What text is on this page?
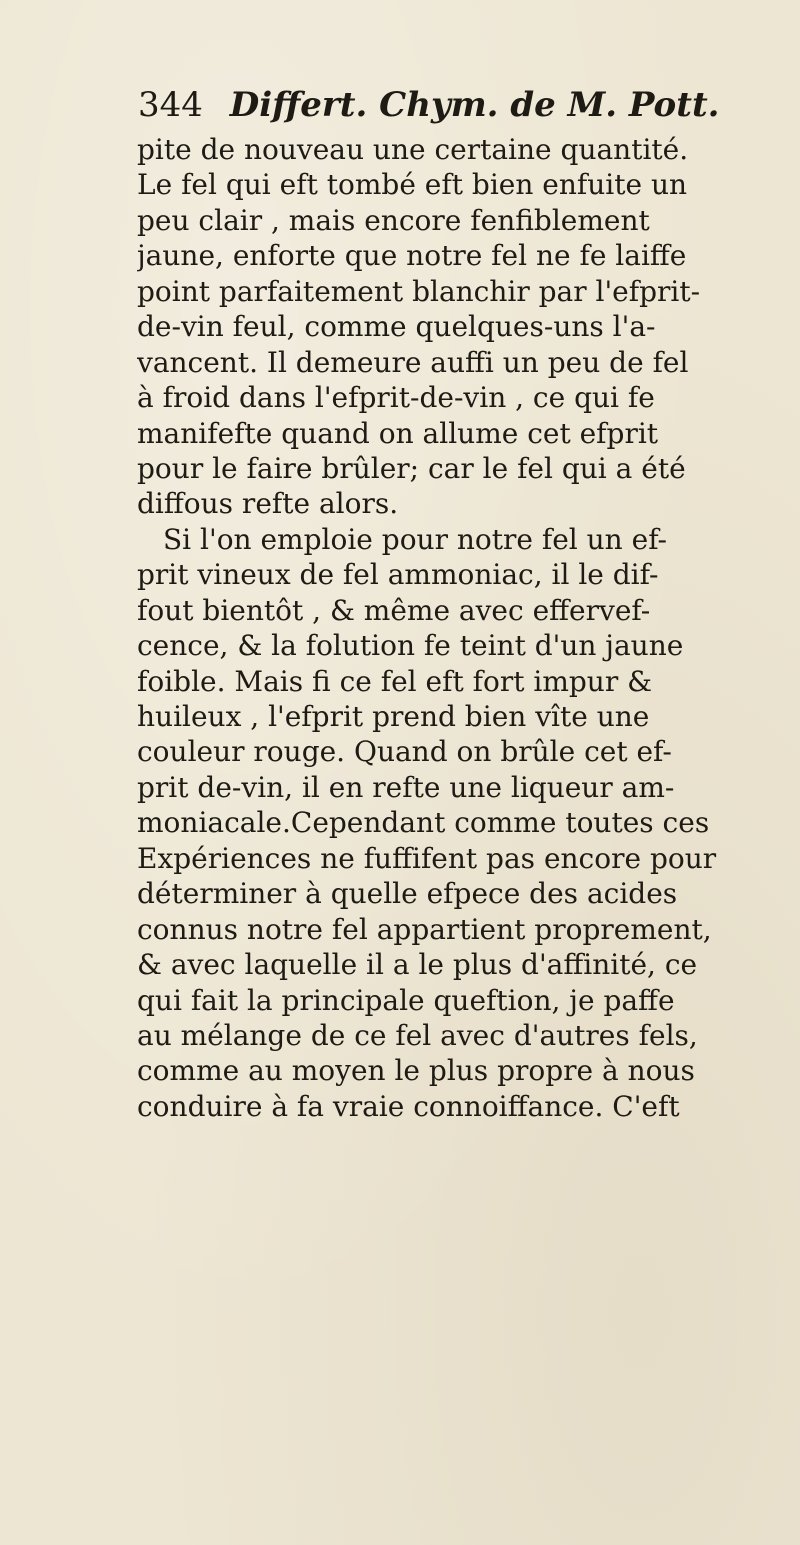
344 Differt. Chym. de M. Pott.
pite de nouveau une certaine quantité.
Le fel qui eft tombé eft bien enfuite un
peu clair , mais encore fenfiblement
jaune, enforte que notre fel ne fe laiffe
point parfaitement blanchir par l'efprit-
de-vin feul, comme quelques-uns l'a-
vancent. Il demeure auffi un peu de fel
à froid dans l'efprit-de-vin , ce qui fe
manifefte quand on allume cet efprit
pour le faire brûler; car le fel qui a été
diffous refte alors.
Si l'on emploie pour notre fel un ef-
prit vineux de fel ammoniac, il le dif-
fout bientôt , & même avec effervef-
cence, & la folution fe teint d'un jaune
foible. Mais fi ce fel eft fort impur &
huileux , l'efprit prend bien vîte une
couleur rouge. Quand on brûle cet ef-
prit de-vin, il en refte une liqueur am-
moniacale.Cependant comme toutes ces
Expériences ne fuffifent pas encore pour
déterminer à quelle efpece des acides
connus notre fel appartient proprement,
& avec laquelle il a le plus d'affinité, ce
qui fait la principale queftion, je paffe
au mélange de ce fel avec d'autres fels,
comme au moyen le plus propre à nous
conduire à fa vraie connoiffance. C'eft
